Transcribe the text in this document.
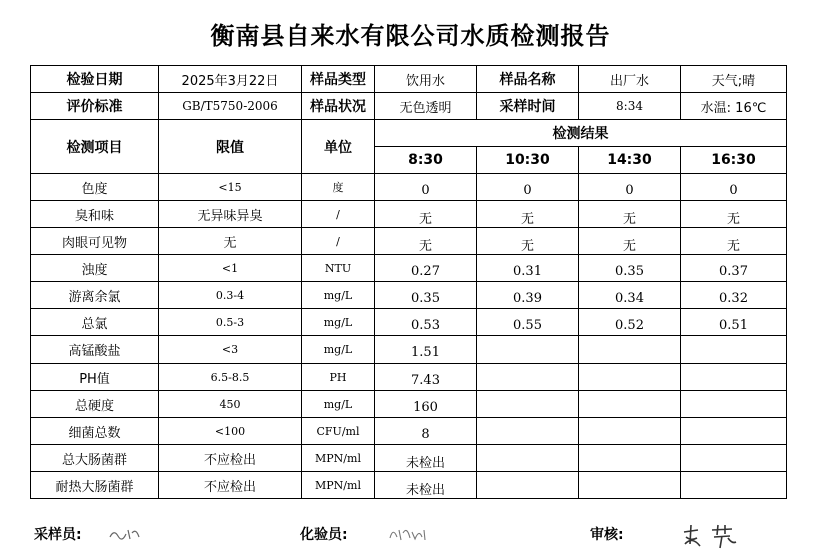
衡南县自来水有限公司水质检测报告
检验日期	2025年3月22日	样品类型	饮用水	样品名称	出厂水	天气;晴
评价标准	GB/T5750-2006	样品状况	无色透明	采样时间	8:34	水温: 16℃
检测项目	限值	单位	检测结果			
			8:30	10:30	14:30	16:30
色度	<15	度	0	0	0	0
臭和味	无异味异臭	/	无	无	无	无
肉眼可见物	无	/	无	无	无	无
浊度	<1	NTU	0.27	0.31	0.35	0.37
游离余氯	0.3-4	mg/L	0.35	0.39	0.34	0.32
总氯	0.5-3	mg/L	0.53	0.55	0.52	0.51
高锰酸盐	<3	mg/L	1.51			
PH值	6.5-8.5	PH	7.43			
总硬度	450	mg/L	160			
细菌总数	<100	CFU/ml	8			
总大肠菌群	不应检出	MPN/ml	未检出			
耐热大肠菌群	不应检出	MPN/ml	未检出			
采样员:	化验员:	审核:
